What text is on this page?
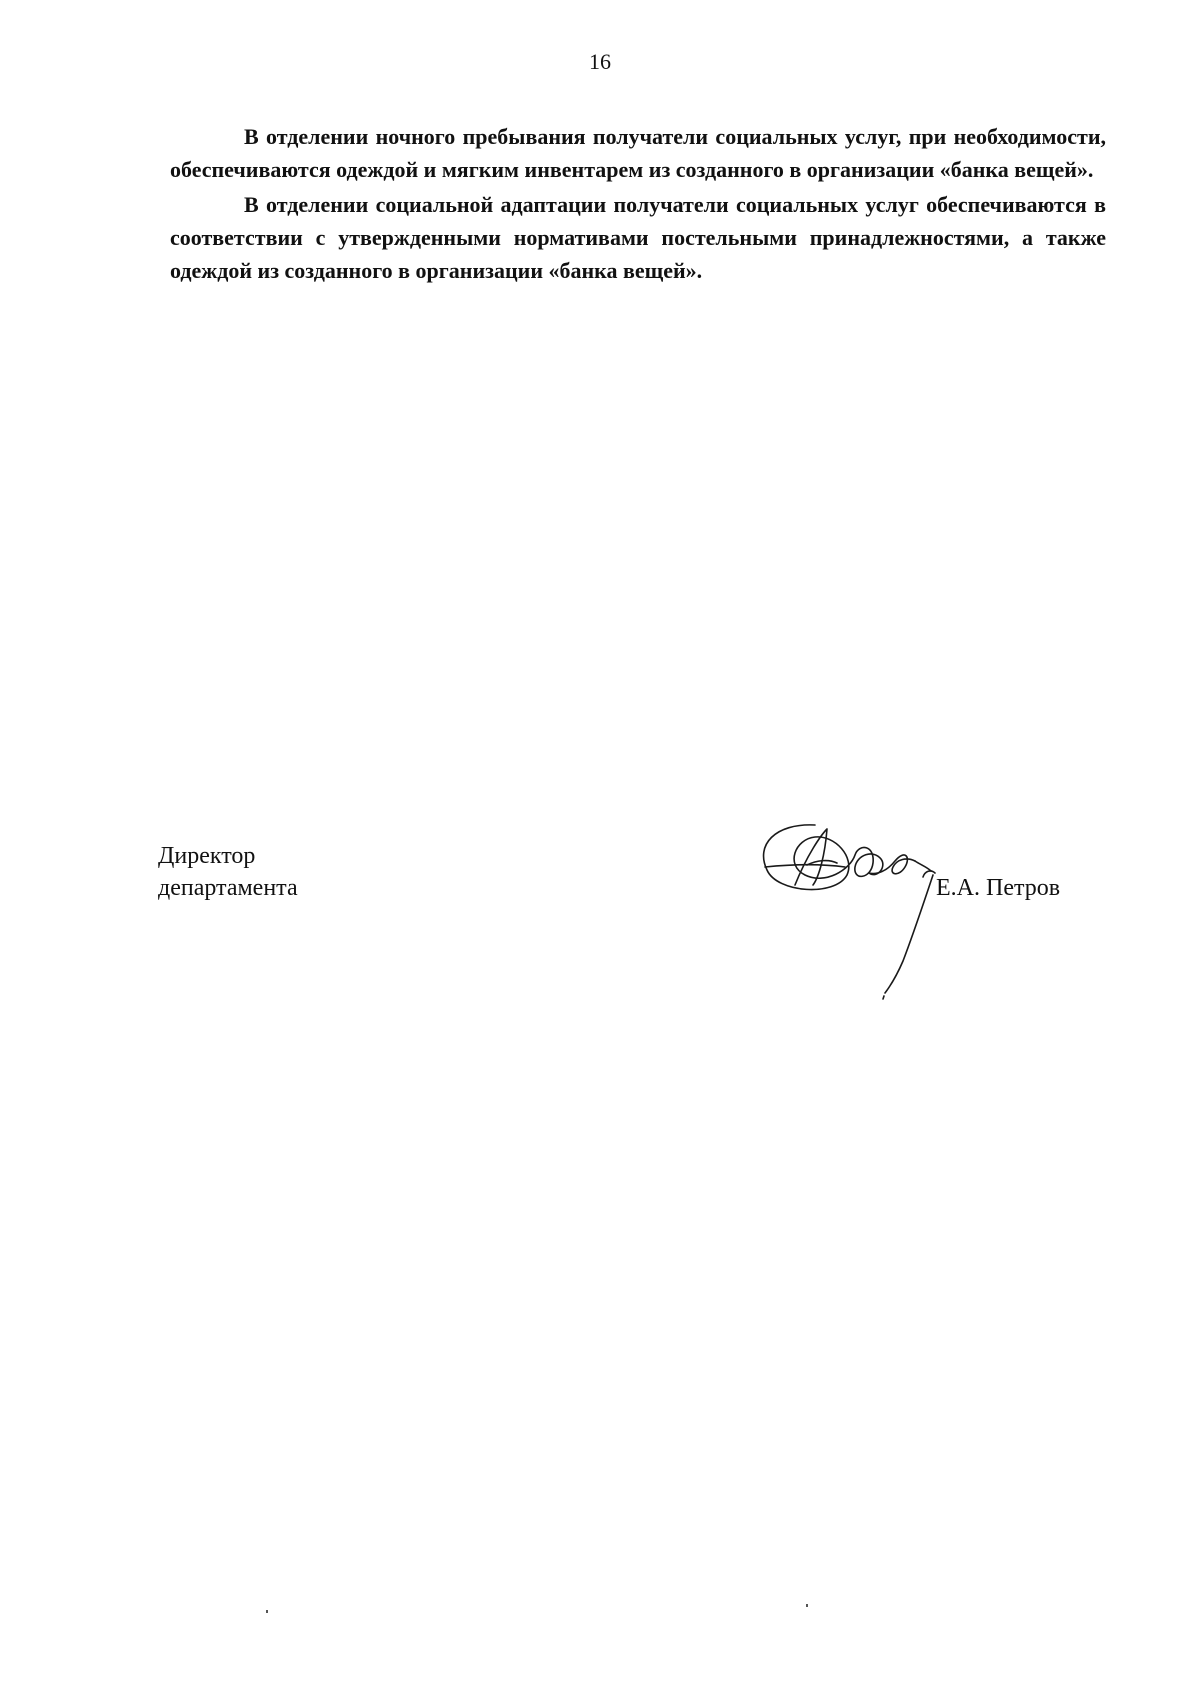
16

В отделении ночного пребывания получатели социальных услуг, при необходимости, обеспечиваются одеждой и мягким инвентарем из созданного в организации «банка вещей».

В отделении социальной адаптации получатели социальных услуг обеспечиваются в соответствии с утвержденными нормативами постельными принадлежностями, а также одеждой из созданного в организации «банка вещей».

Директор
департамента	Е.А. Петров
